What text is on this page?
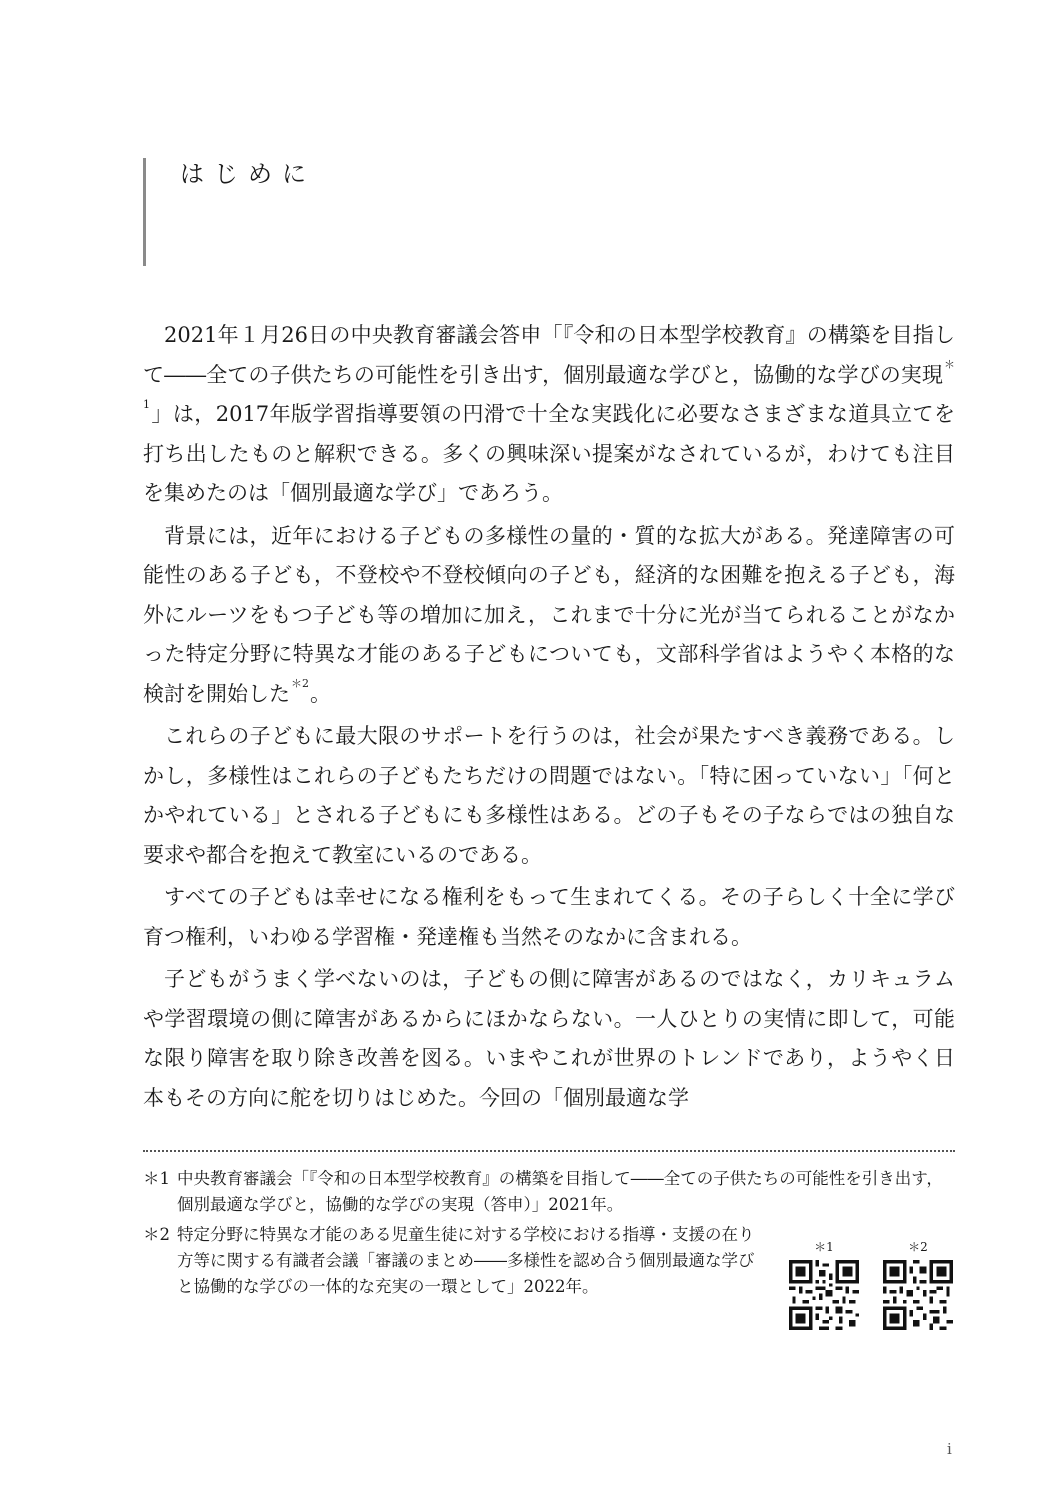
はじめに

2021年１月26日の中央教育審議会答申「『令和の日本型学校教育』の構築を目指して――全ての子供たちの可能性を引き出す，個別最適な学びと，協働的な学びの実現$^{*1}$」は，2017年版学習指導要領の円滑で十全な実践化に必要なさまざまな道具立てを打ち出したものと解釈できる。多くの興味深い提案がなされているが，わけても注目を集めたのは「個別最適な学び」であろう。

背景には，近年における子どもの多様性の量的・質的な拡大がある。発達障害の可能性のある子ども，不登校や不登校傾向の子ども，経済的な困難を抱える子ども，海外にルーツをもつ子ども等の増加に加え，これまで十分に光が当てられることがなかった特定分野に特異な才能のある子どもについても，文部科学省はようやく本格的な検討を開始した$^{*2}$。

これらの子どもに最大限のサポートを行うのは，社会が果たすべき義務である。しかし，多様性はこれらの子どもたちだけの問題ではない。「特に困っていない」「何とかやれている」とされる子どもにも多様性はある。どの子もその子ならではの独自な要求や都合を抱えて教室にいるのである。

すべての子どもは幸せになる権利をもって生まれてくる。その子らしく十全に学び育つ権利，いわゆる学習権・発達権も当然そのなかに含まれる。

子どもがうまく学べないのは，子どもの側に障害があるのではなく，カリキュラムや学習環境の側に障害があるからにほかならない。一人ひとりの実情に即して，可能な限り障害を取り除き改善を図る。いまやこれが世界のトレンドであり，ようやく日本もその方向に舵を切りはじめた。今回の「個別最適な学

＊1 中央教育審議会「『令和の日本型学校教育』の構築を目指して――全ての子供たちの可能性を引き出す，個別最適な学びと，協働的な学びの実現（答申）」2021年。
＊2 特定分野に特異な才能のある児童生徒に対する学校における指導・支援の在り方等に関する有識者会議「審議のまとめ――多様性を認め合う個別最適な学びと協働的な学びの一体的な充実の一環として」2022年。
＊1	＊2
i
